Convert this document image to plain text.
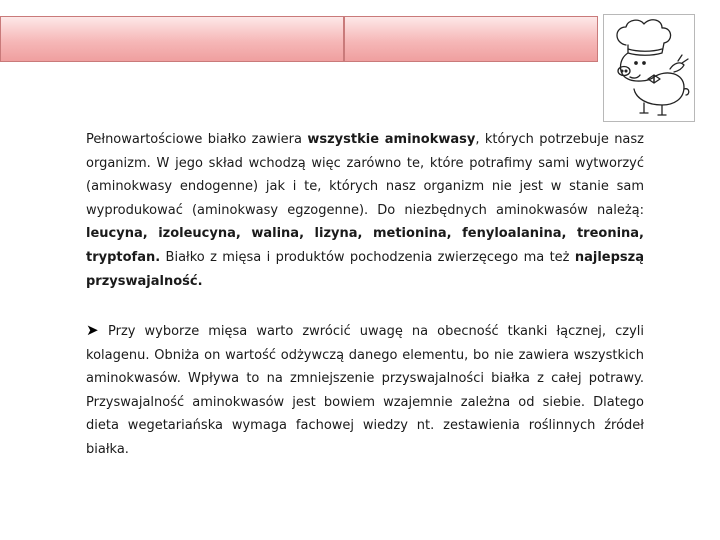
Pełnowartościowe białko zawiera wszystkie aminokwasy, których potrzebuje nasz organizm. W jego skład wchodzą więc zarówno te, które potrafimy sami wytworzyć (aminokwasy endogenne) jak i te, których nasz organizm nie jest w stanie sam wyprodukować (aminokwasy egzogenne). Do niezbędnych aminokwasów należą: leucyna, izoleucyna, walina, lizyna, metionina, fenyloalanina, treonina, tryptofan. Białko z mięsa i produktów pochodzenia zwierzęcego ma też najlepszą przyswajalność.

➤ Przy wyborze mięsa warto zwrócić uwagę na obecność tkanki łącznej, czyli kolagenu. Obniża on wartość odżywczą danego elementu, bo nie zawiera wszystkich aminokwasów. Wpływa to na zmniejszenie przyswajalności białka z całej potrawy. Przyswajalność aminokwasów jest bowiem wzajemnie zależna od siebie. Dlatego dieta wegetariańska wymaga fachowej wiedzy nt. zestawienia roślinnych źródeł białka.
